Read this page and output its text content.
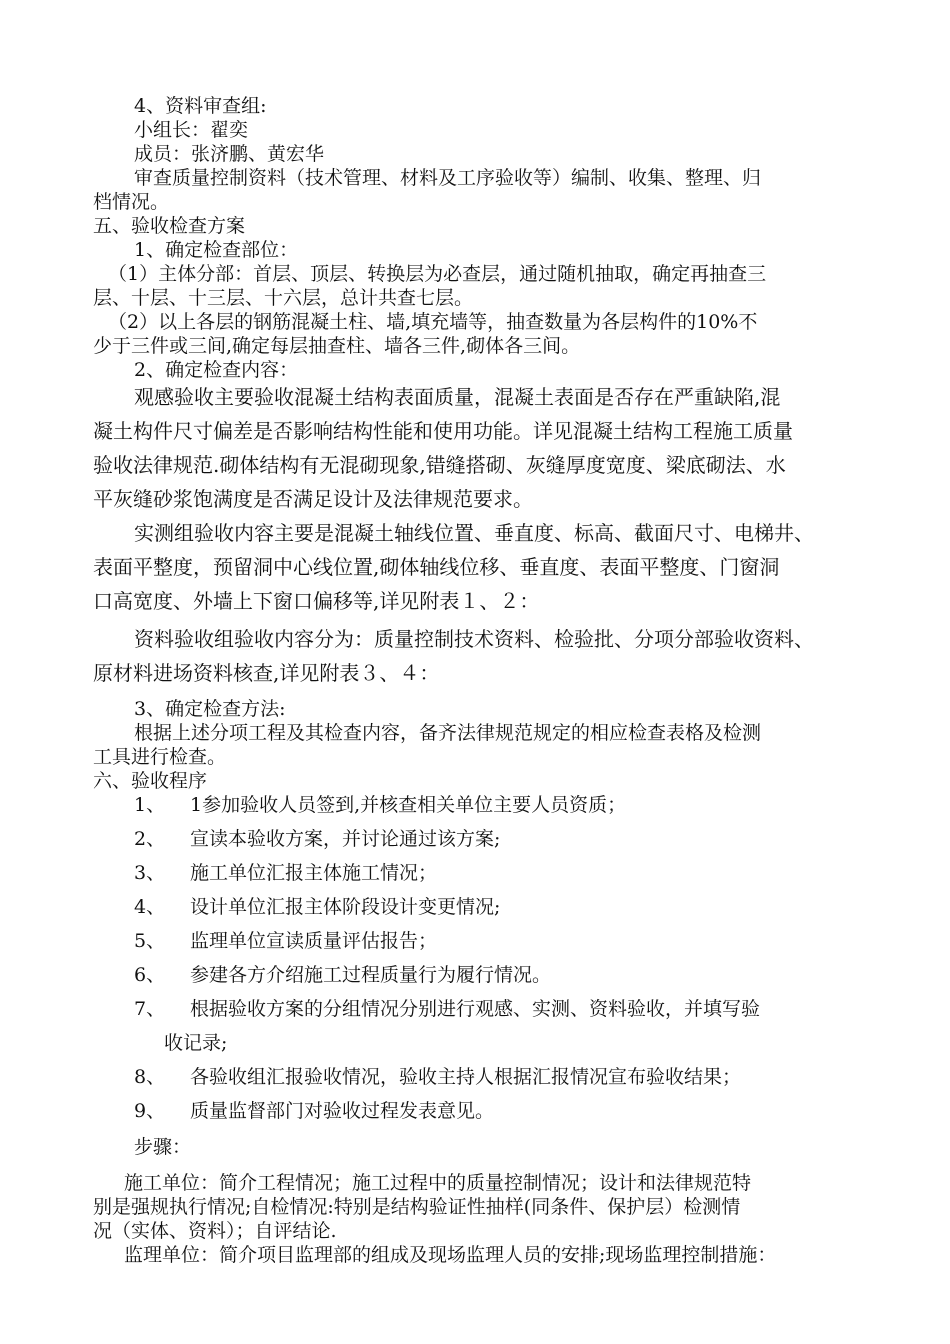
4、资料审查组:
小组长：翟奕
成员：张济鹏、黄宏华
审查质量控制资料（技术管理、材料及工序验收等）编制、收集、整理、归
档情况。
五、验收检查方案
1、确定检查部位：
（1）主体分部：首层、顶层、转换层为必查层，通过随机抽取，确定再抽查三
层、十层、十三层、十六层，总计共查七层。
（2）以上各层的钢筋混凝土柱、墙,填充墙等，抽查数量为各层构件的10%不
少于三件或三间,确定每层抽查柱、墙各三件,砌体各三间。
2、确定检查内容：
观感验收主要验收混凝土结构表面质量，混凝土表面是否存在严重缺陷,混
凝土构件尺寸偏差是否影响结构性能和使用功能。详见混凝土结构工程施工质量
验收法律规范.砌体结构有无混砌现象,错缝搭砌、灰缝厚度宽度、梁底砌法、水
平灰缝砂浆饱满度是否满足设计及法律规范要求。
实测组验收内容主要是混凝土轴线位置、垂直度、标高、截面尺寸、电梯井、
表面平整度，预留洞中心线位置,砌体轴线位移、垂直度、表面平整度、门窗洞
口高宽度、外墙上下窗口偏移等,详见附表１、２：
资料验收组验收内容分为：质量控制技术资料、检验批、分项分部验收资料、
原材料进场资料核查,详见附表３、４：
3、确定检查方法:
根据上述分项工程及其检查内容，备齐法律规范规定的相应检查表格及检测
工具进行检查。
六、验收程序
1、 1参加验收人员签到,并核查相关单位主要人员资质；
2、 宣读本验收方案，并讨论通过该方案;
3、 施工单位汇报主体施工情况；
4、 设计单位汇报主体阶段设计变更情况;
5、 监理单位宣读质量评估报告；
6、 参建各方介绍施工过程质量行为履行情况。
7、 根据验收方案的分组情况分别进行观感、实测、资料验收，并填写验
收记录;
8、 各验收组汇报验收情况，验收主持人根据汇报情况宣布验收结果；
9、 质量监督部门对验收过程发表意见。
步骤：
施工单位：简介工程情况；施工过程中的质量控制情况；设计和法律规范特
别是强规执行情况;自检情况:特别是结构验证性抽样(同条件、保护层）检测情
况（实体、资料）；自评结论.
监理单位：简介项目监理部的组成及现场监理人员的安排;现场监理控制措施：
